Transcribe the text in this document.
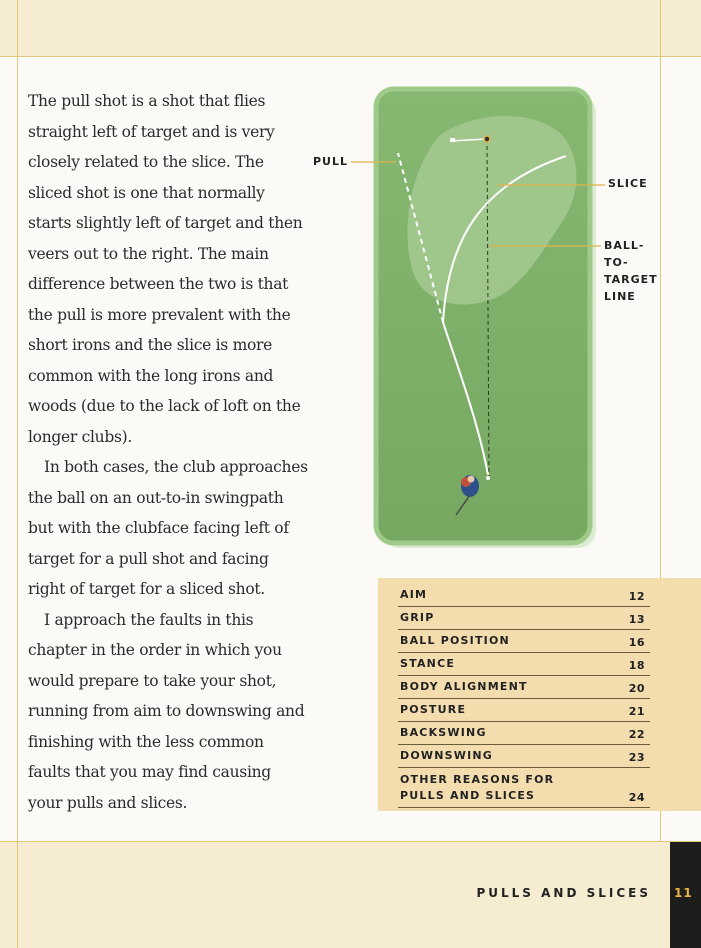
The pull shot is a shot that flies straight left of target and is very closely related to the slice. The sliced shot is one that normally starts slightly left of target and then veers out to the right. The main difference between the two is that the pull is more prevalent with the short irons and the slice is more common with the long irons and woods (due to the lack of loft on the longer clubs).

In both cases, the club approaches the ball on an out-to-in swingpath but with the clubface facing left of target for a pull shot and facing right of target for a sliced shot.

I approach the faults in this chapter in the order in which you would prepare to take your shot, running from aim to downswing and finishing with the less common faults that you may find causing your pulls and slices.

PULL
SLICE
BALL-
TO-
TARGET
LINE
AIM	12
GRIP	13
BALL POSITION	16
STANCE	18
BODY ALIGNMENT	20
POSTURE	21
BACKSWING	22
DOWNSWING	23
OTHER REASONS FOR PULLS AND SLICES	24
PULLS AND SLICES 11
